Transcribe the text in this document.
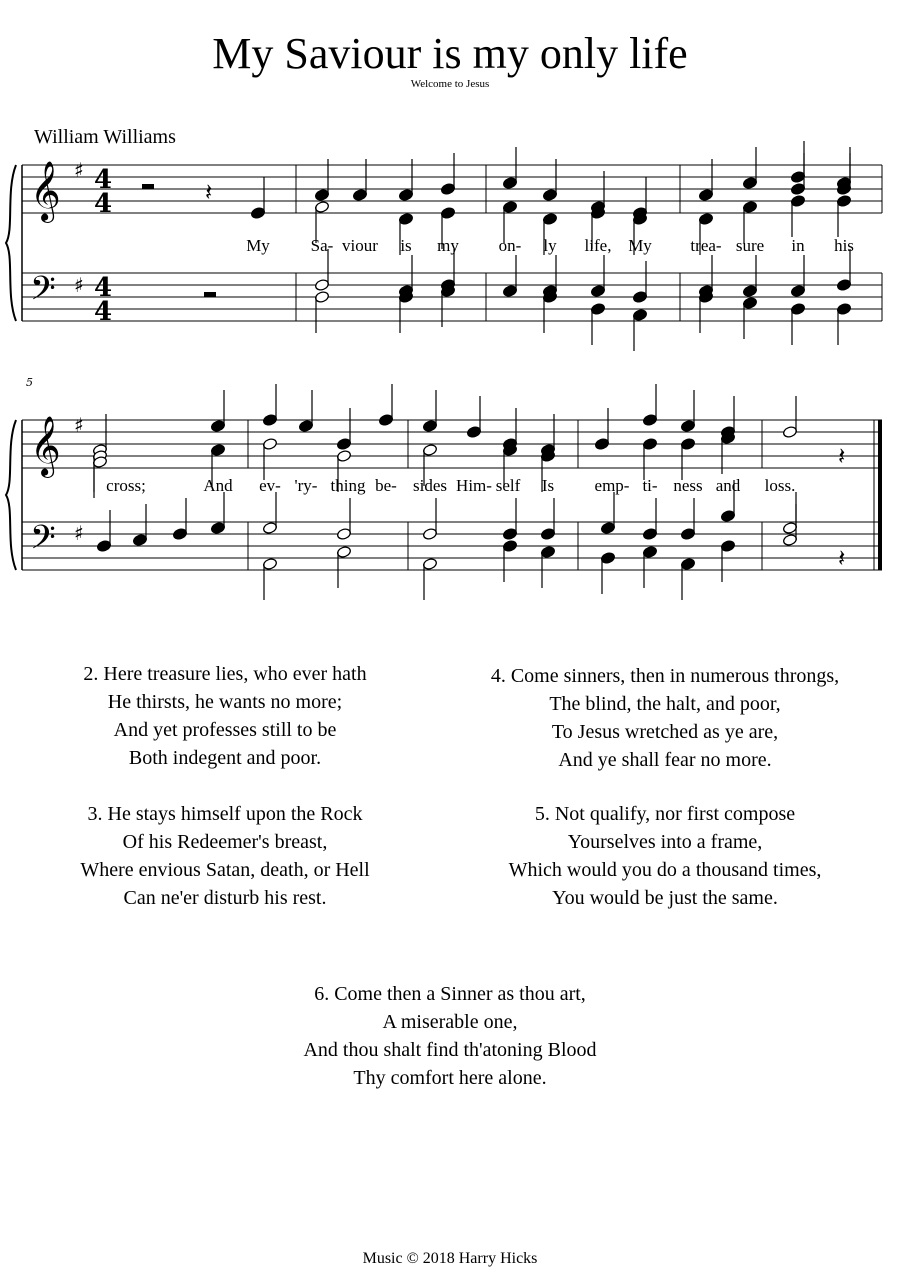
My Saviour is my only life
Welcome to Jesus
William Williams
𝄞
𝄢
𝄞
𝄢
♯
♯
♯
♯
4
4
4
4
𝄽
𝄽
𝄽
5
My Sa- viour is my on- ly life, My trea- sure in his
cross;	And ev- 'ry- thing be- sides Him- self Is emp- ti- ness and loss.
2. Here treasure lies, who ever hath
He thirsts, he wants no more;
And yet professes still to be
Both indegent and poor.
3. He stays himself upon the Rock
Of his Redeemer's breast,
Where envious Satan, death, or Hell
Can ne'er disturb his rest.
4. Come sinners, then in numerous throngs,
The blind, the halt, and poor,
To Jesus wretched as ye are,
And ye shall fear no more.
5. Not qualify, nor first compose
Yourselves into a frame,
Which would you do a thousand times,
You would be just the same.
6. Come then a Sinner as thou art,
A miserable one,
And thou shalt find th'atoning Blood
Thy comfort here alone.
Music © 2018 Harry Hicks
